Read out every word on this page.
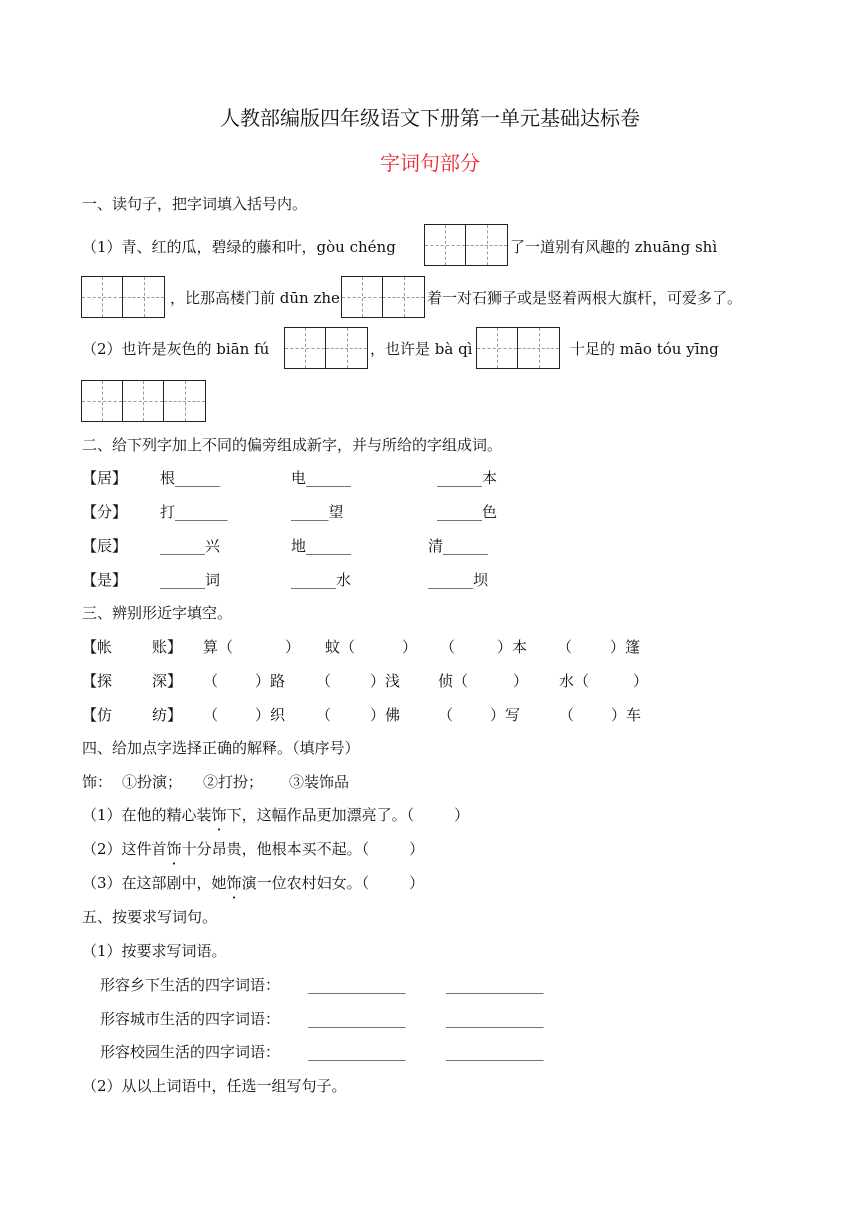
人教部编版四年级语文下册第一单元基础达标卷
字词句部分
一、读句子，把字词填入括号内。
（1）青、红的瓜，碧绿的藤和叶，gòu chéng	了一道别有风趣的 zhuāng shì
，比那高楼门前 dūn zhe	着一对石狮子或是竖着两根大旗杆，可爱多了。
（2）也许是灰色的 biān fú	，也许是 bà qì	十足的 māo tóu yīng
二、给下列字加上不同的偏旁组成新字，并与所给的字组成词。
【居】 根______	电______	______本
【分】 打_______	_____望	______色
【辰】 ______兴	地______	清______
【是】 ______词	______水	______坝
三、辨别形近字填空。
【帐	账】 算（	） 蚊（	） （	）本 （	）篷
【探	深】 （ ）路 （	）浅	侦（	） 水（	）
【仿	纺】 （ ）织 （	）佛	（ ）写	（ ）车
四、给加点字选择正确的解释。（填序号）
饰： ①扮演； ②打扮； ③装饰品
（1）在他的精心装饰下，这幅作品更加漂亮了。（	）
（2）这件首饰十分昂贵，他根本买不起。（	）
（3）在这部剧中，她饰演一位农村妇女。（	）
五、按要求写词句。
（1）按要求写词语。
形容乡下生活的四字词语： _____________	_____________
形容城市生活的四字词语： _____________	_____________
形容校园生活的四字词语： _____________	_____________
（2）从以上词语中，任选一组写句子。
